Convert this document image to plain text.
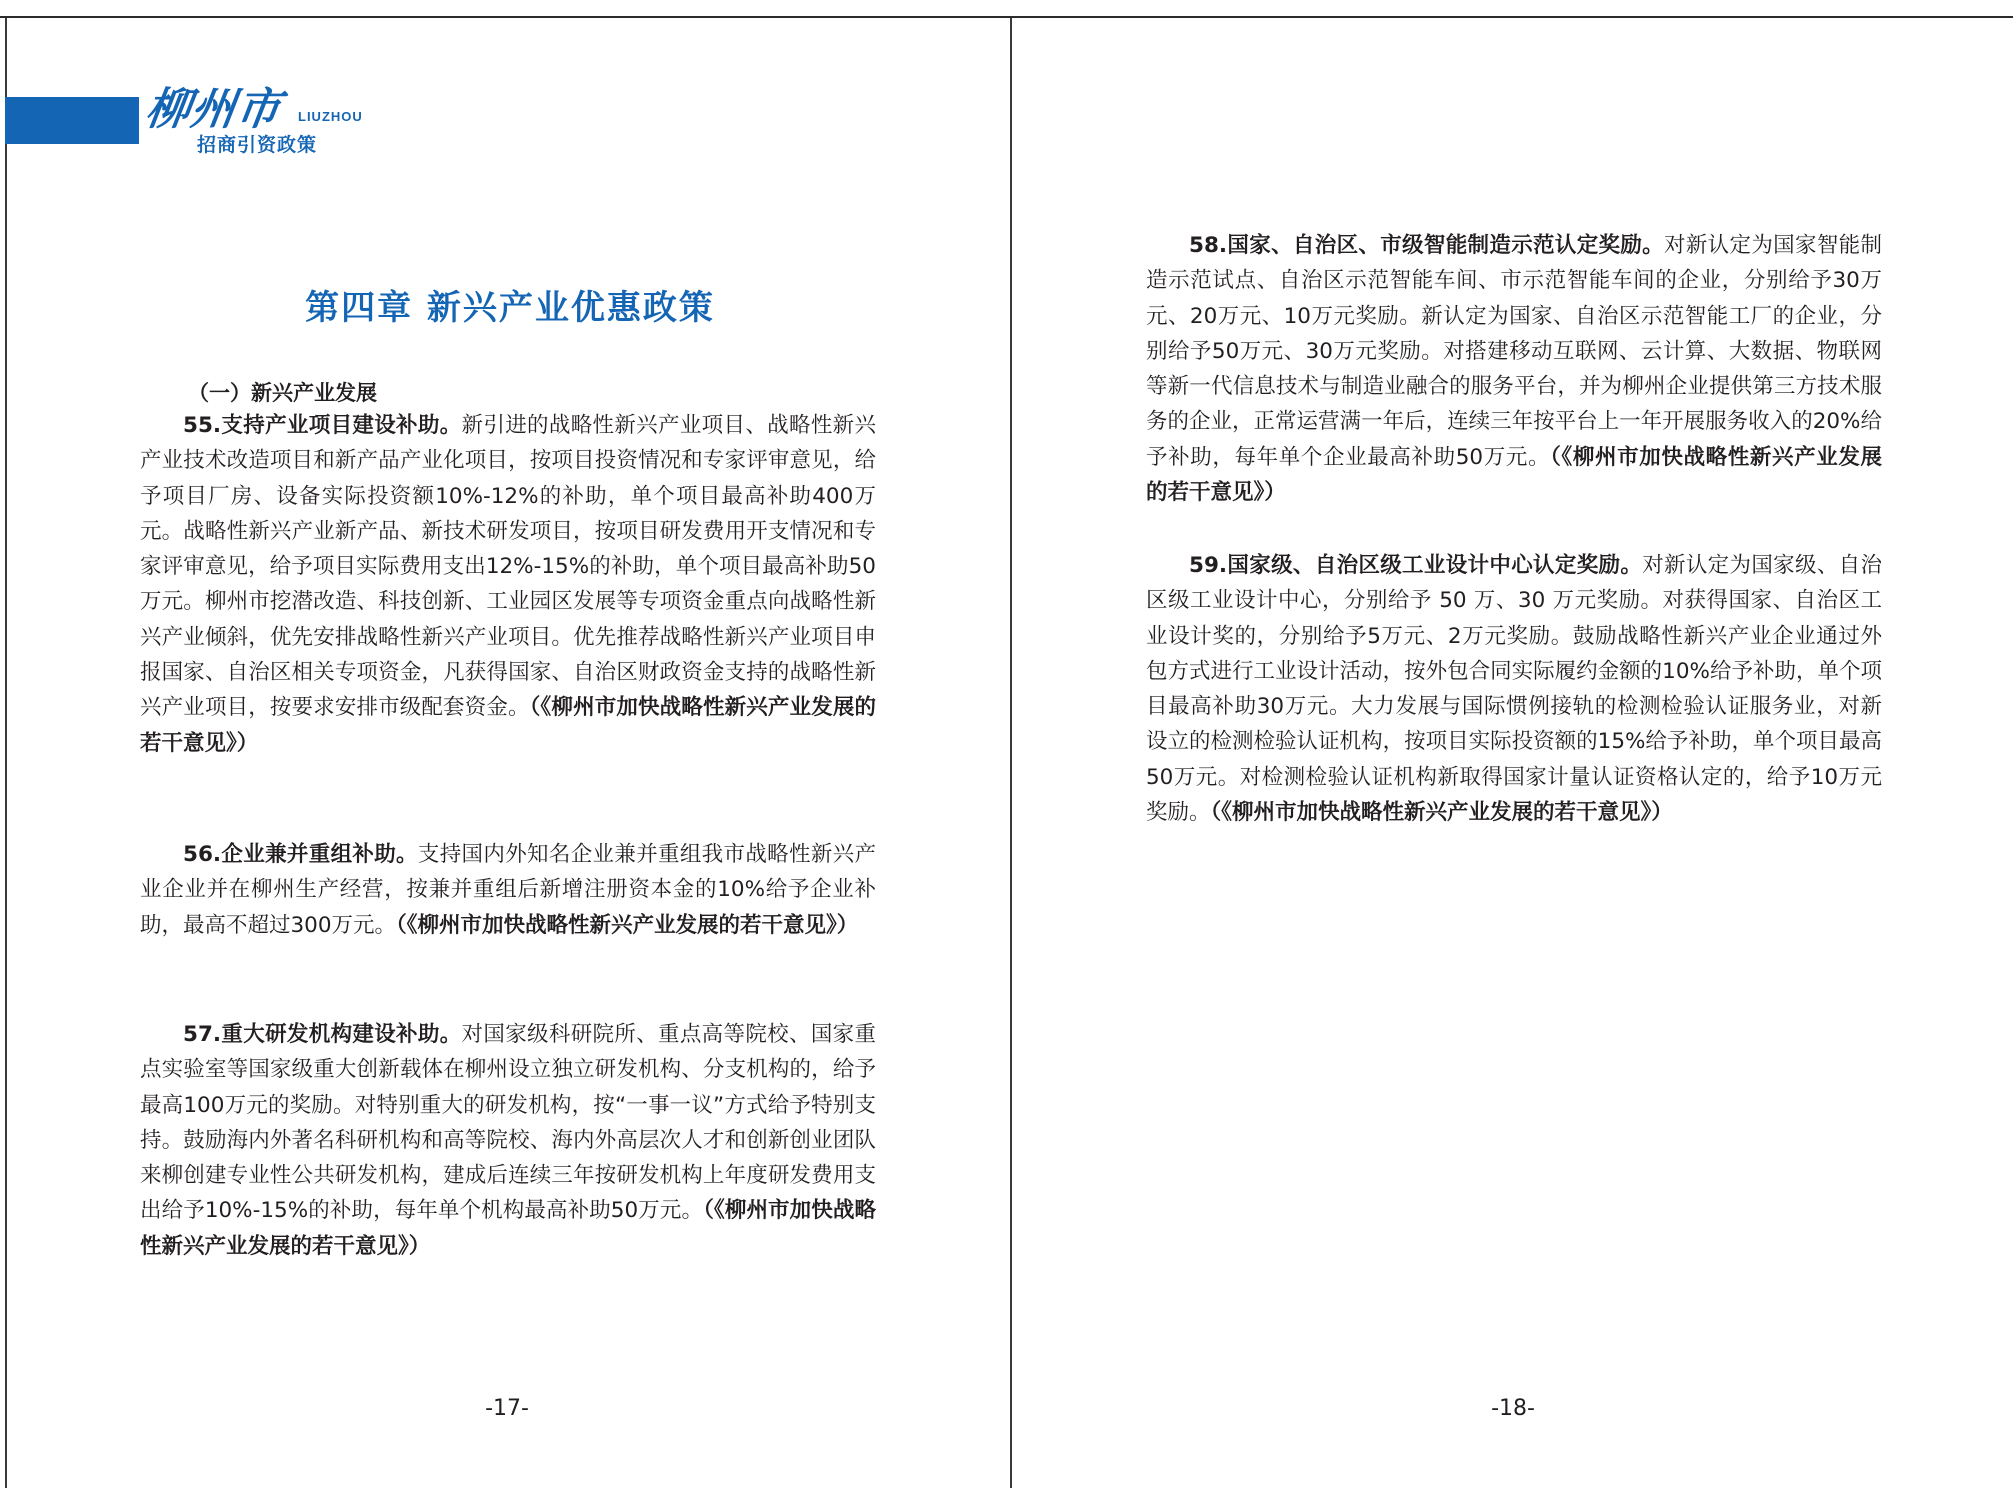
柳州市 LIUZHOU
招商引资政策
第四章 新兴产业优惠政策
（一）新兴产业发展
55.支持产业项目建设补助。新引进的战略性新兴产业项目、战略性新兴产业技术改造项目和新产品产业化项目，按项目投资情况和专家评审意见，给予项目厂房、设备实际投资额10%-12%的补助，单个项目最高补助400万元。战略性新兴产业新产品、新技术研发项目，按项目研发费用开支情况和专家评审意见，给予项目实际费用支出12%-15%的补助，单个项目最高补助50万元。柳州市挖潜改造、科技创新、工业园区发展等专项资金重点向战略性新兴产业倾斜，优先安排战略性新兴产业项目。优先推荐战略性新兴产业项目申报国家、自治区相关专项资金，凡获得国家、自治区财政资金支持的战略性新兴产业项目，按要求安排市级配套资金。（《柳州市加快战略性新兴产业发展的若干意见》）
56.企业兼并重组补助。支持国内外知名企业兼并重组我市战略性新兴产业企业并在柳州生产经营，按兼并重组后新增注册资本金的10%给予企业补助，最高不超过300万元。（《柳州市加快战略性新兴产业发展的若干意见》）
57.重大研发机构建设补助。对国家级科研院所、重点高等院校、国家重点实验室等国家级重大创新载体在柳州设立独立研发机构、分支机构的，给予最高100万元的奖励。对特别重大的研发机构，按“一事一议”方式给予特别支持。鼓励海内外著名科研机构和高等院校、海内外高层次人才和创新创业团队来柳创建专业性公共研发机构，建成后连续三年按研发机构上年度研发费用支出给予10%-15%的补助，每年单个机构最高补助50万元。（《柳州市加快战略性新兴产业发展的若干意见》）
-17-
58.国家、自治区、市级智能制造示范认定奖励。对新认定为国家智能制造示范试点、自治区示范智能车间、市示范智能车间的企业，分别给予30万元、20万元、10万元奖励。新认定为国家、自治区示范智能工厂的企业，分别给予50万元、30万元奖励。对搭建移动互联网、云计算、大数据、物联网等新一代信息技术与制造业融合的服务平台，并为柳州企业提供第三方技术服务的企业，正常运营满一年后，连续三年按平台上一年开展服务收入的20%给予补助，每年单个企业最高补助50万元。（《柳州市加快战略性新兴产业发展的若干意见》）
59.国家级、自治区级工业设计中心认定奖励。对新认定为国家级、自治区级工业设计中心，分别给予 50 万、30 万元奖励。对获得国家、自治区工业设计奖的，分别给予5万元、2万元奖励。鼓励战略性新兴产业企业通过外包方式进行工业设计活动，按外包合同实际履约金额的10%给予补助，单个项目最高补助30万元。大力发展与国际惯例接轨的检测检验认证服务业，对新设立的检测检验认证机构，按项目实际投资额的15%给予补助，单个项目最高50万元。对检测检验认证机构新取得国家计量认证资格认定的，给予10万元奖励。（《柳州市加快战略性新兴产业发展的若干意见》）
-18-
